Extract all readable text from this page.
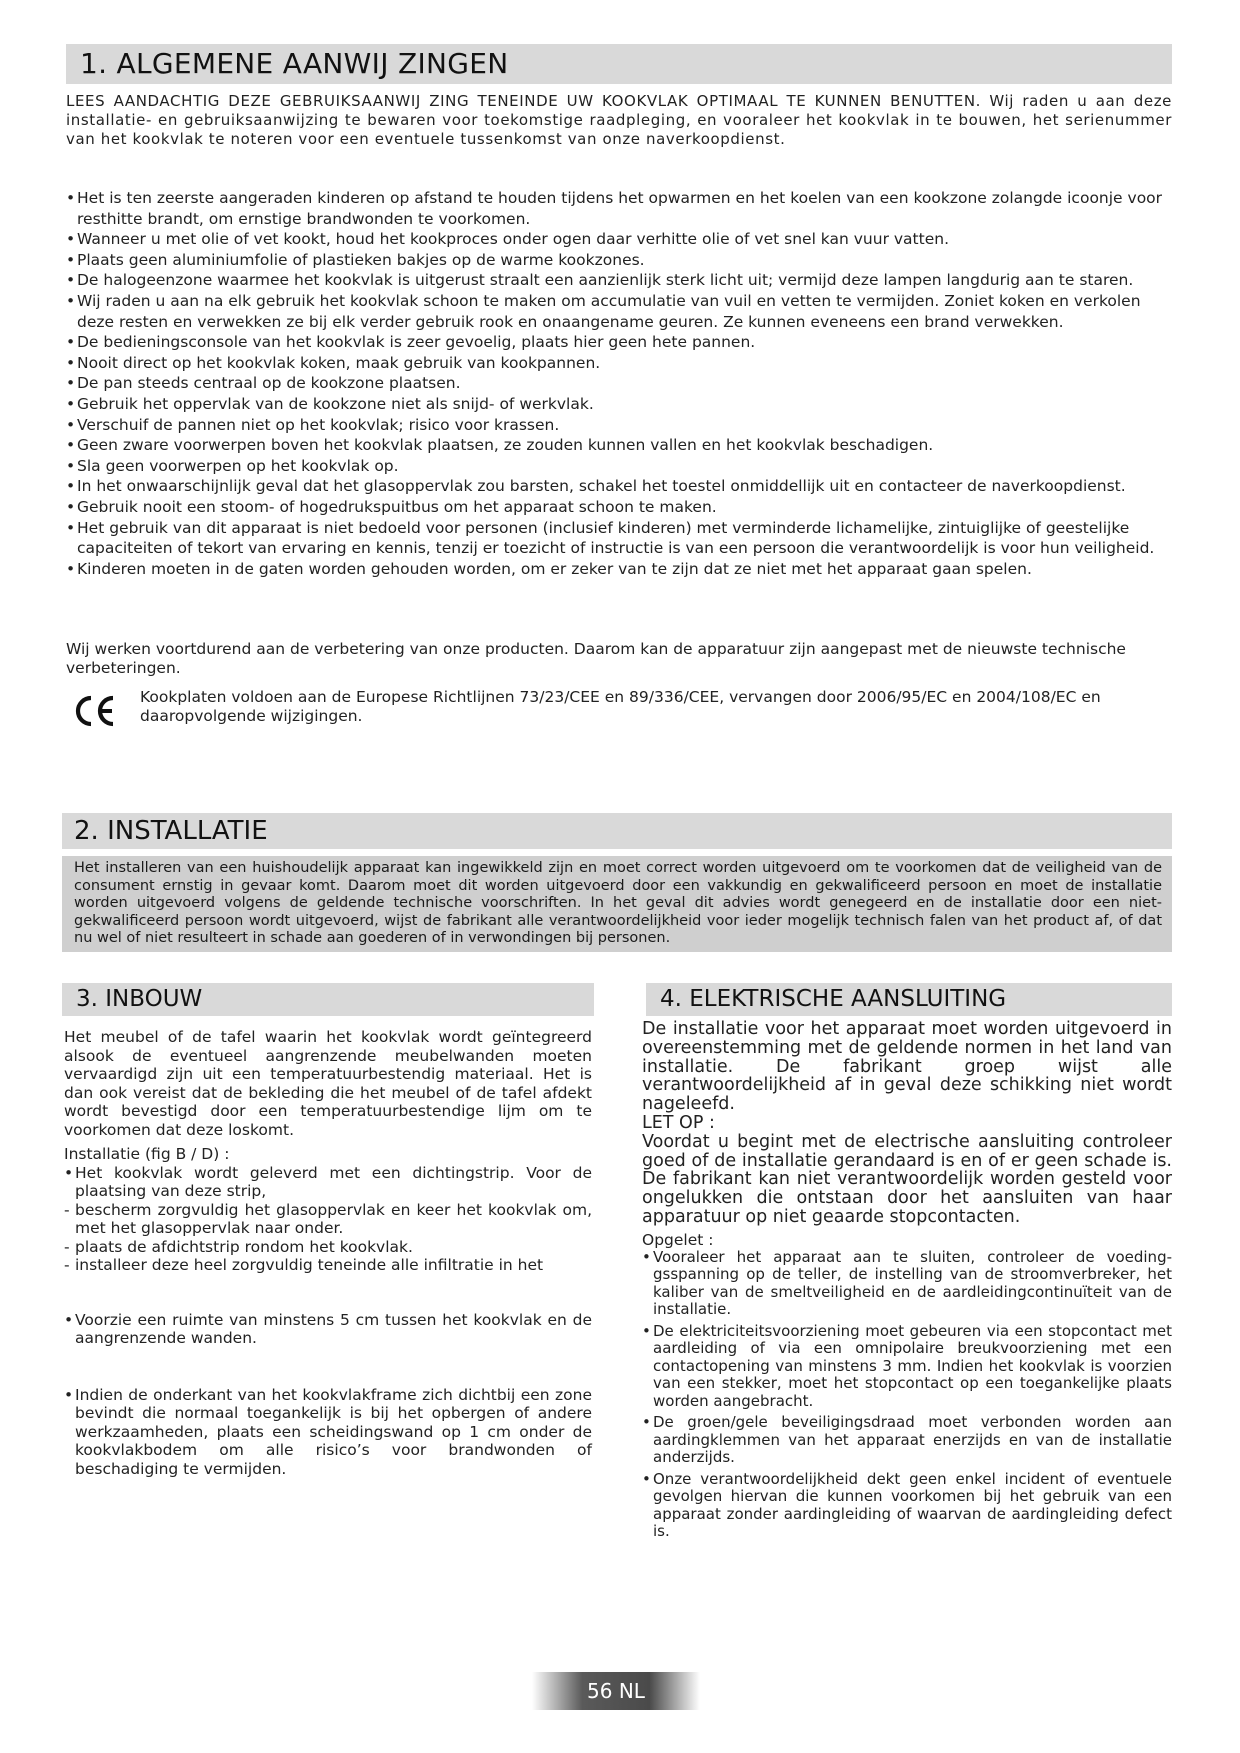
1. ALGEMENE AANWIJ ZINGEN
LEES AANDACHTIG DEZE GEBRUIKSAANWIJ ZING TENEINDE UW KOOKVLAK OPTIMAAL TE KUNNEN BENUTTEN. Wij raden u aan deze installatie- en gebruiksaanwijzing te bewaren voor toekomstige raadpleging, en vooraleer het kookvlak in te bouwen, het serienummer van het kookvlak te noteren voor een eventuele tussenkomst van onze naverkoopdienst.
• Het is ten zeerste aangeraden kinderen op afstand te houden tijdens het opwarmen en het koelen van een kookzone zolangde icoonje voor resthitte brandt, om ernstige brandwonden te voorkomen.
• Wanneer u met olie of vet kookt, houd het kookproces onder ogen daar verhitte olie of vet snel kan vuur vatten.
• Plaats geen aluminiumfolie of plastieken bakjes op de warme kookzones.
• De halogeenzone waarmee het kookvlak is uitgerust straalt een aanzienlijk sterk licht uit; vermijd deze lampen langdurig aan te staren.
• Wij raden u aan na elk gebruik het kookvlak schoon te maken om accumulatie van vuil en vetten te vermijden. Zoniet koken en verkolen deze resten en verwekken ze bij elk verder gebruik rook en onaangename geuren. Ze kunnen eveneens een brand verwekken.
• De bedieningsconsole van het kookvlak is zeer gevoelig, plaats hier geen hete pannen.
• Nooit direct op het kookvlak koken, maak gebruik van kookpannen.
• De pan steeds centraal op de kookzone plaatsen.
• Gebruik het oppervlak van de kookzone niet als snijd- of werkvlak.
• Verschuif de pannen niet op het kookvlak; risico voor krassen.
• Geen zware voorwerpen boven het kookvlak plaatsen, ze zouden kunnen vallen en het kookvlak beschadigen.
• Sla geen voorwerpen op het kookvlak op.
• In het onwaarschijnlijk geval dat het glasoppervlak zou barsten, schakel het toestel onmiddellijk uit en contacteer de naverkoopdienst.
• Gebruik nooit een stoom- of hogedrukspuitbus om het apparaat schoon te maken.
• Het gebruik van dit apparaat is niet bedoeld voor personen (inclusief kinderen) met verminderde lichamelijke, zintuiglijke of geestelijke capaciteiten of tekort van ervaring en kennis, tenzij er toezicht of instructie is van een persoon die verantwoordelijk is voor hun veiligheid.
• Kinderen moeten in de gaten worden gehouden worden, om er zeker van te zijn dat ze niet met het apparaat gaan spelen.
Wij werken voortdurend aan de verbetering van onze producten. Daarom kan de apparatuur zijn aangepast met de nieuwste technische verbeteringen.
Kookplaten voldoen aan de Europese Richtlijnen 73/23/CEE en 89/336/CEE, vervangen door 2006/95/EC en 2004/108/EC en daaropvolgende wijzigingen.
2. INSTALLATIE
Het installeren van een huishoudelijk apparaat kan ingewikkeld zijn en moet correct worden uitgevoerd om te voorkomen dat de veiligheid van de consument ernstig in gevaar komt. Daarom moet dit worden uitgevoerd door een vakkundig en gekwalificeerd persoon en moet de installatie worden uitgevoerd volgens de geldende technische voorschriften. In het geval dit advies wordt genegeerd en de installatie door een niet-gekwalificeerd persoon wordt uitgevoerd, wijst de fabrikant alle verantwoordelijkheid voor ieder mogelijk technisch falen van het product af, of dat nu wel of niet resulteert in schade aan goederen of in verwondingen bij personen.
3. INBOUW

Het meubel of de tafel waarin het kookvlak wordt geïntegreerd alsook de eventueel aangrenzende meubelwanden moeten vervaardigd zijn uit een temperatuurbestendig materiaal. Het is dan ook vereist dat de bekleding die het meubel of de tafel afdekt wordt bevestigd door een temperatuurbestendige lijm om te voorkomen dat deze loskomt.

Installatie (fig B / D) :

• Het kookvlak wordt geleverd met een dichtingstrip. Voor de plaatsing van deze strip,
- bescherm zorgvuldig het glasoppervlak en keer het kookvlak om, met het glasoppervlak naar onder.
- plaats de afdichtstrip rondom het kookvlak.
- installeer deze heel zorgvuldig teneinde alle infiltratie in het
• Voorzie een ruimte van minstens 5 cm tussen het kookvlak en de aangrenzende wanden.
• Indien de onderkant van het kookvlakframe zich dichtbij een zone bevindt die normaal toegankelijk is bij het opbergen of andere werkzaamheden, plaats een scheidingswand op 1 cm onder de kookvlakbodem om alle risico’s voor brandwonden of beschadiging te vermijden.
4. ELEKTRISCHE AANSLUITING

De installatie voor het apparaat moet worden uitgevoerd in overeenstemming met de geldende normen in het land van installatie. De fabrikant groep wijst alle verantwoordelijkheid af in geval deze schikking niet wordt nageleefd.

LET OP :

Voordat u begint met de electrische aansluiting controleer goed of de installatie gerandaard is en of er geen schade is. De fabrikant kan niet verantwoordelijk worden gesteld voor ongelukken die ontstaan door het aansluiten van haar apparatuur op niet geaarde stopcontacten.

Opgelet :

• Vooraleer het apparaat aan te sluiten, controleer de voeding-gsspanning op de teller, de instelling van de stroomverbreker, het kaliber van de smeltveiligheid en de aardleidingcontinuïteit van de installatie.
• De elektriciteitsvoorziening moet gebeuren via een stopcontact met aardleiding of via een omnipolaire breukvoorziening met een contactopening van minstens 3 mm. Indien het kookvlak is voorzien van een stekker, moet het stopcontact op een toegankelijke plaats worden aangebracht.
• De groen/gele beveiligingsdraad moet verbonden worden aan aardingklemmen van het apparaat enerzijds en van de installatie anderzijds.
• Onze verantwoordelijkheid dekt geen enkel incident of eventuele gevolgen hiervan die kunnen voorkomen bij het gebruik van een apparaat zonder aardingleiding of waarvan de aardingleiding defect is.
56 NL
